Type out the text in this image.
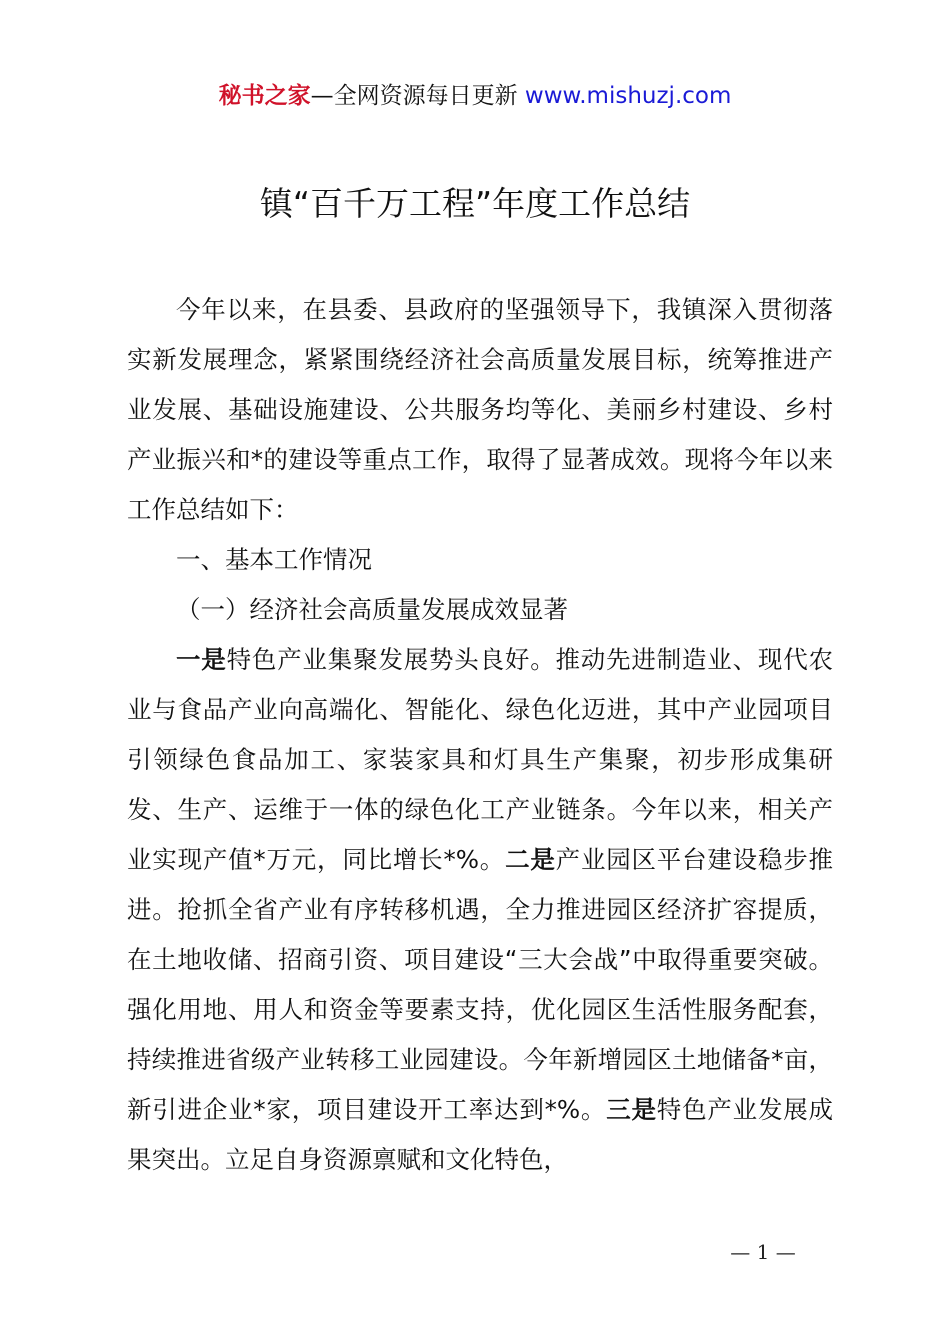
秘书之家—全网资源每日更新 www.mishuzj.com
镇“百千万工程”年度工作总结

今年以来，在县委、县政府的坚强领导下，我镇深入贯彻落实新发展理念，紧紧围绕经济社会高质量发展目标，统筹推进产业发展、基础设施建设、公共服务均等化、美丽乡村建设、乡村产业振兴和*的建设等重点工作，取得了显著成效。现将今年以来工作总结如下：

一、基本工作情况

（一）经济社会高质量发展成效显著

一是特色产业集聚发展势头良好。推动先进制造业、现代农业与食品产业向高端化、智能化、绿色化迈进，其中产业园项目引领绿色食品加工、家装家具和灯具生产集聚，初步形成集研发、生产、运维于一体的绿色化工产业链条。今年以来，相关产业实现产值*万元，同比增长*%。二是产业园区平台建设稳步推进。抢抓全省产业有序转移机遇，全力推进园区经济扩容提质，在土地收储、招商引资、项目建设“三大会战”中取得重要突破。强化用地、用人和资金等要素支持，优化园区生活性服务配套，持续推进省级产业转移工业园建设。今年新增园区土地储备*亩，新引进企业*家，项目建设开工率达到*%。三是特色产业发展成果突出。立足自身资源禀赋和文化特色，

— 1 —
